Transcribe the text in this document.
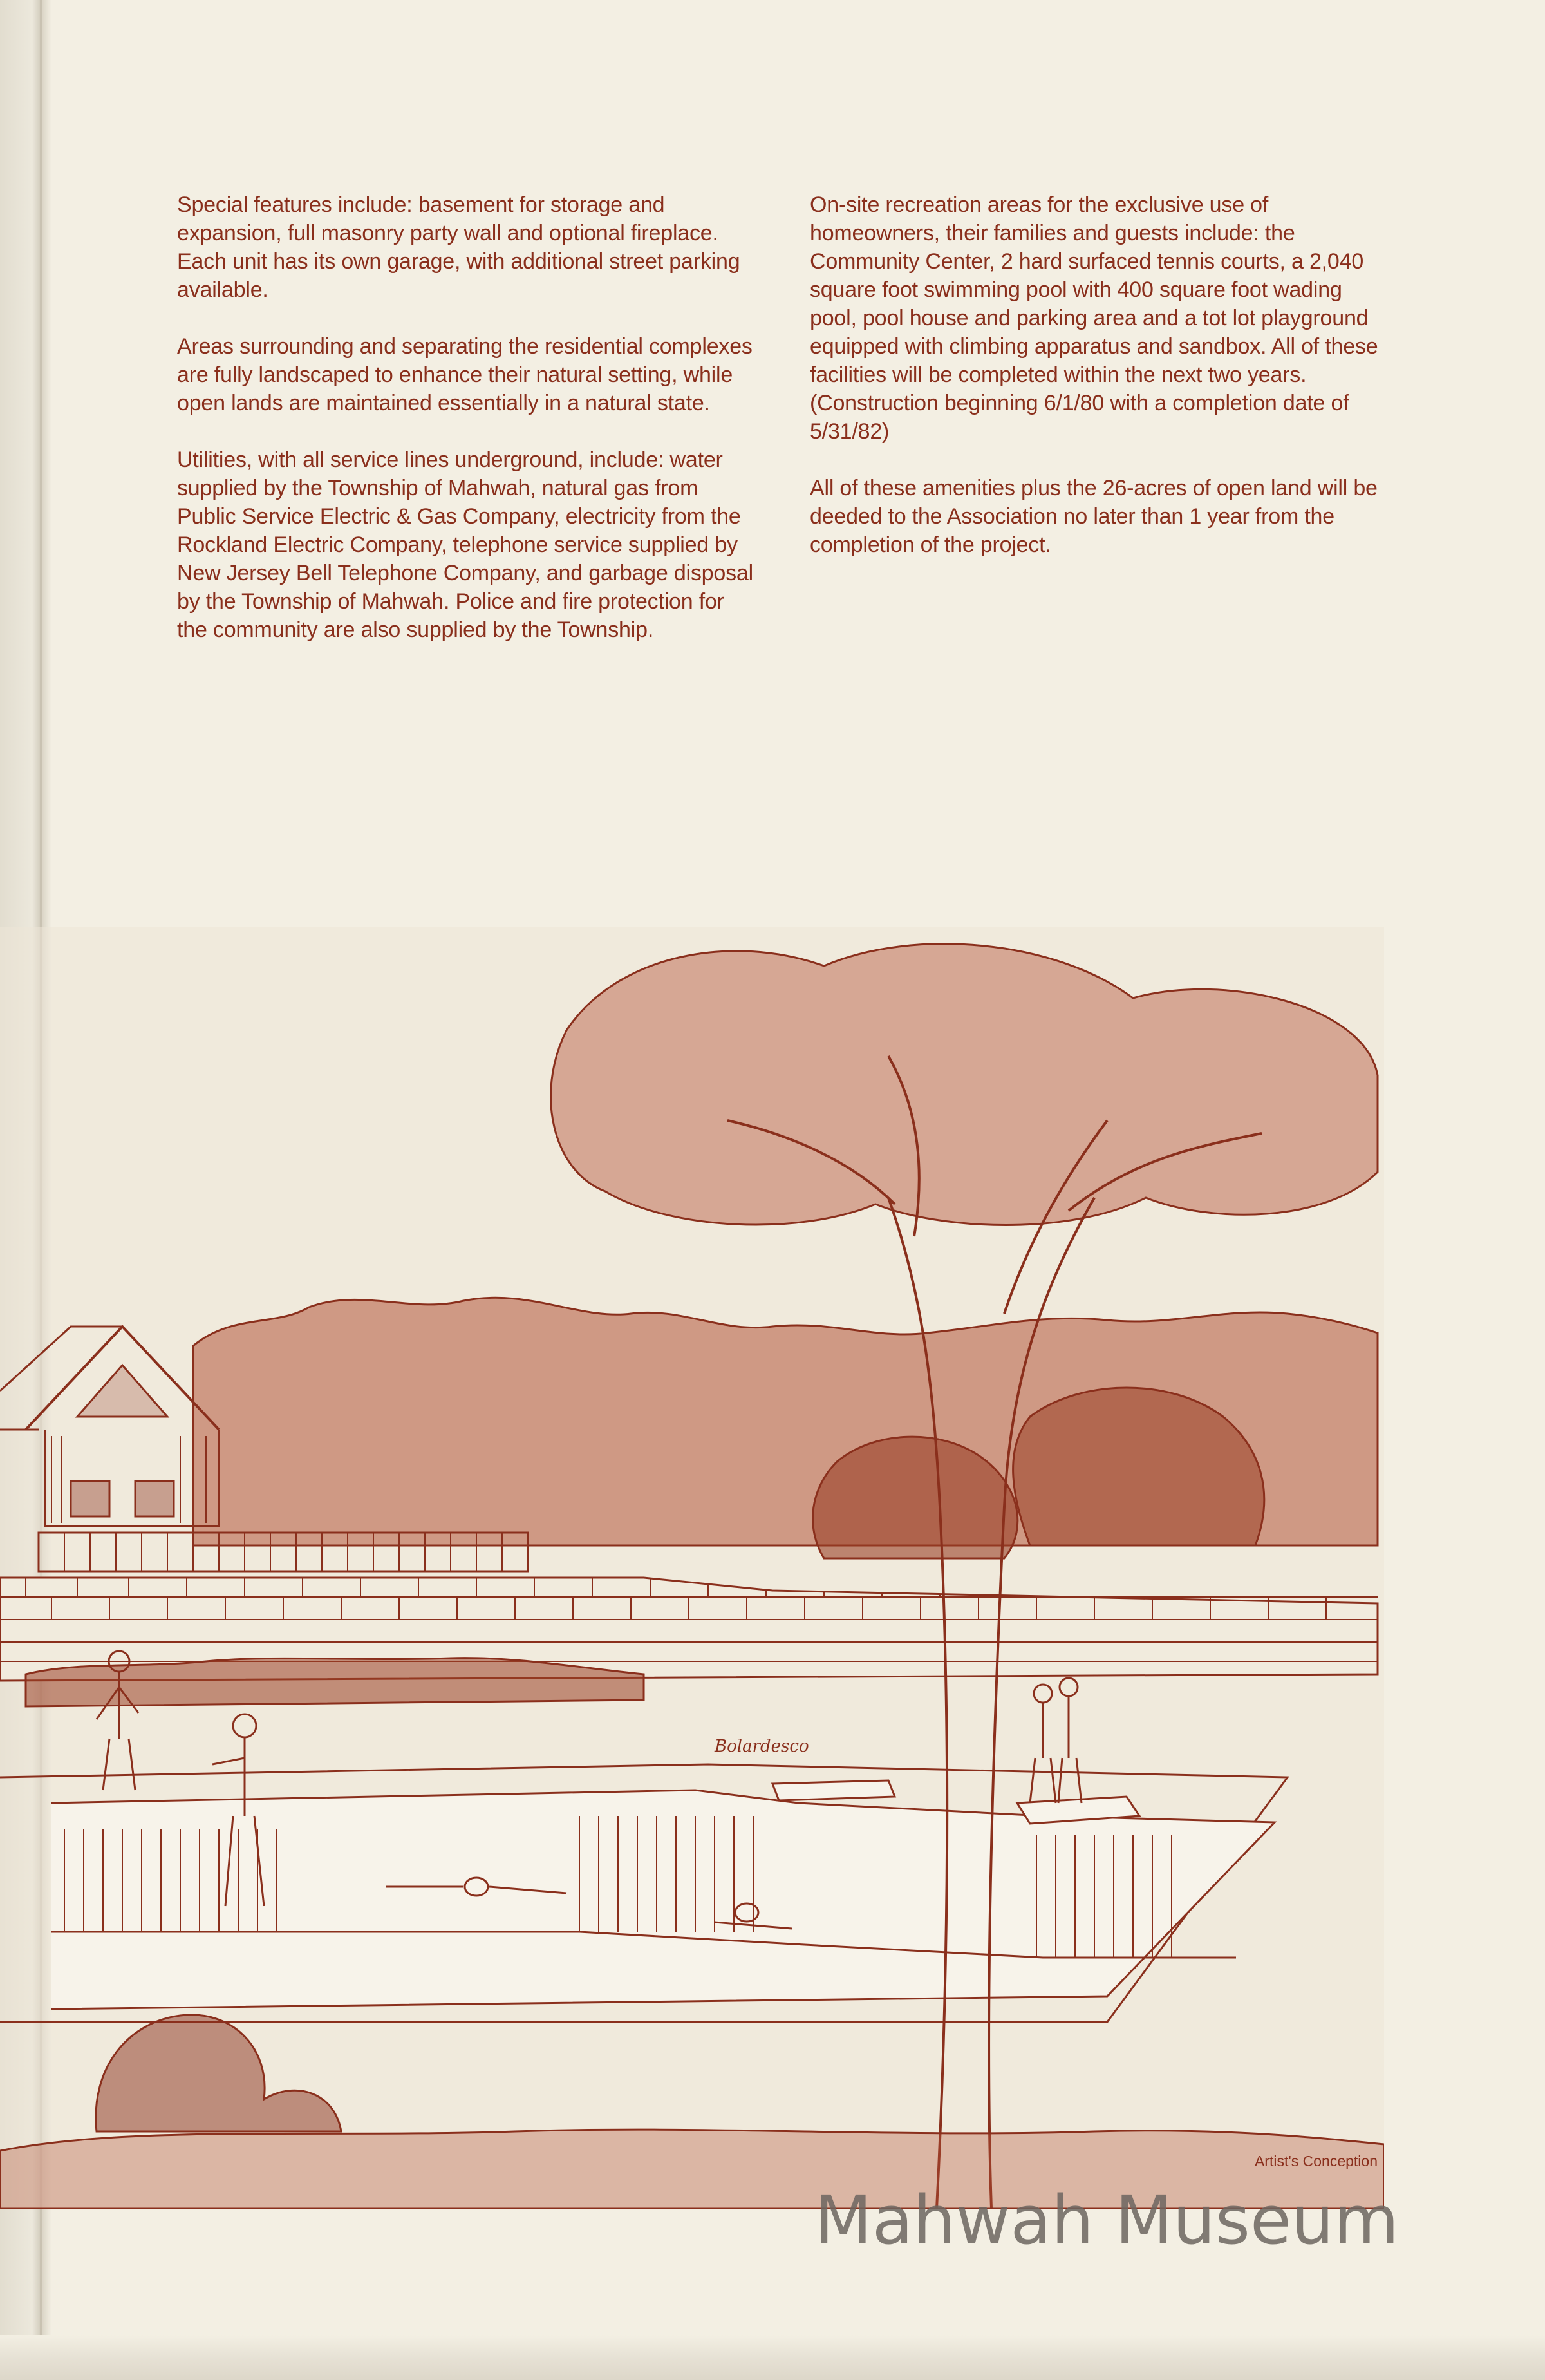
Special features include: basement for storage and expansion, full masonry party wall and optional fireplace. Each unit has its own garage, with additional street parking available.

Areas surrounding and separating the residential complexes are fully landscaped to enhance their natural setting, while open lands are maintained essentially in a natural state.

Utilities, with all service lines underground, include: water supplied by the Township of Mahwah, natural gas from Public Service Electric & Gas Company, electricity from the Rockland Electric Company, telephone service supplied by New Jersey Bell Telephone Company, and garbage disposal by the Township of Mahwah. Police and fire protection for the community are also supplied by the Township.

On-site recreation areas for the exclusive use of homeowners, their families and guests include: the Community Center, 2 hard surfaced tennis courts, a 2,040 square foot swimming pool with 400 square foot wading pool, pool house and parking area and a tot lot playground equipped with climbing apparatus and sandbox. All of these facilities will be completed within the next two years. (Construction beginning 6/1/80 with a completion date of 5/31/82)

All of these amenities plus the 26-acres of open land will be deeded to the Association no later than 1 year from the completion of the project.

Bolardesco
Artist's Conception
Mahwah Museum
